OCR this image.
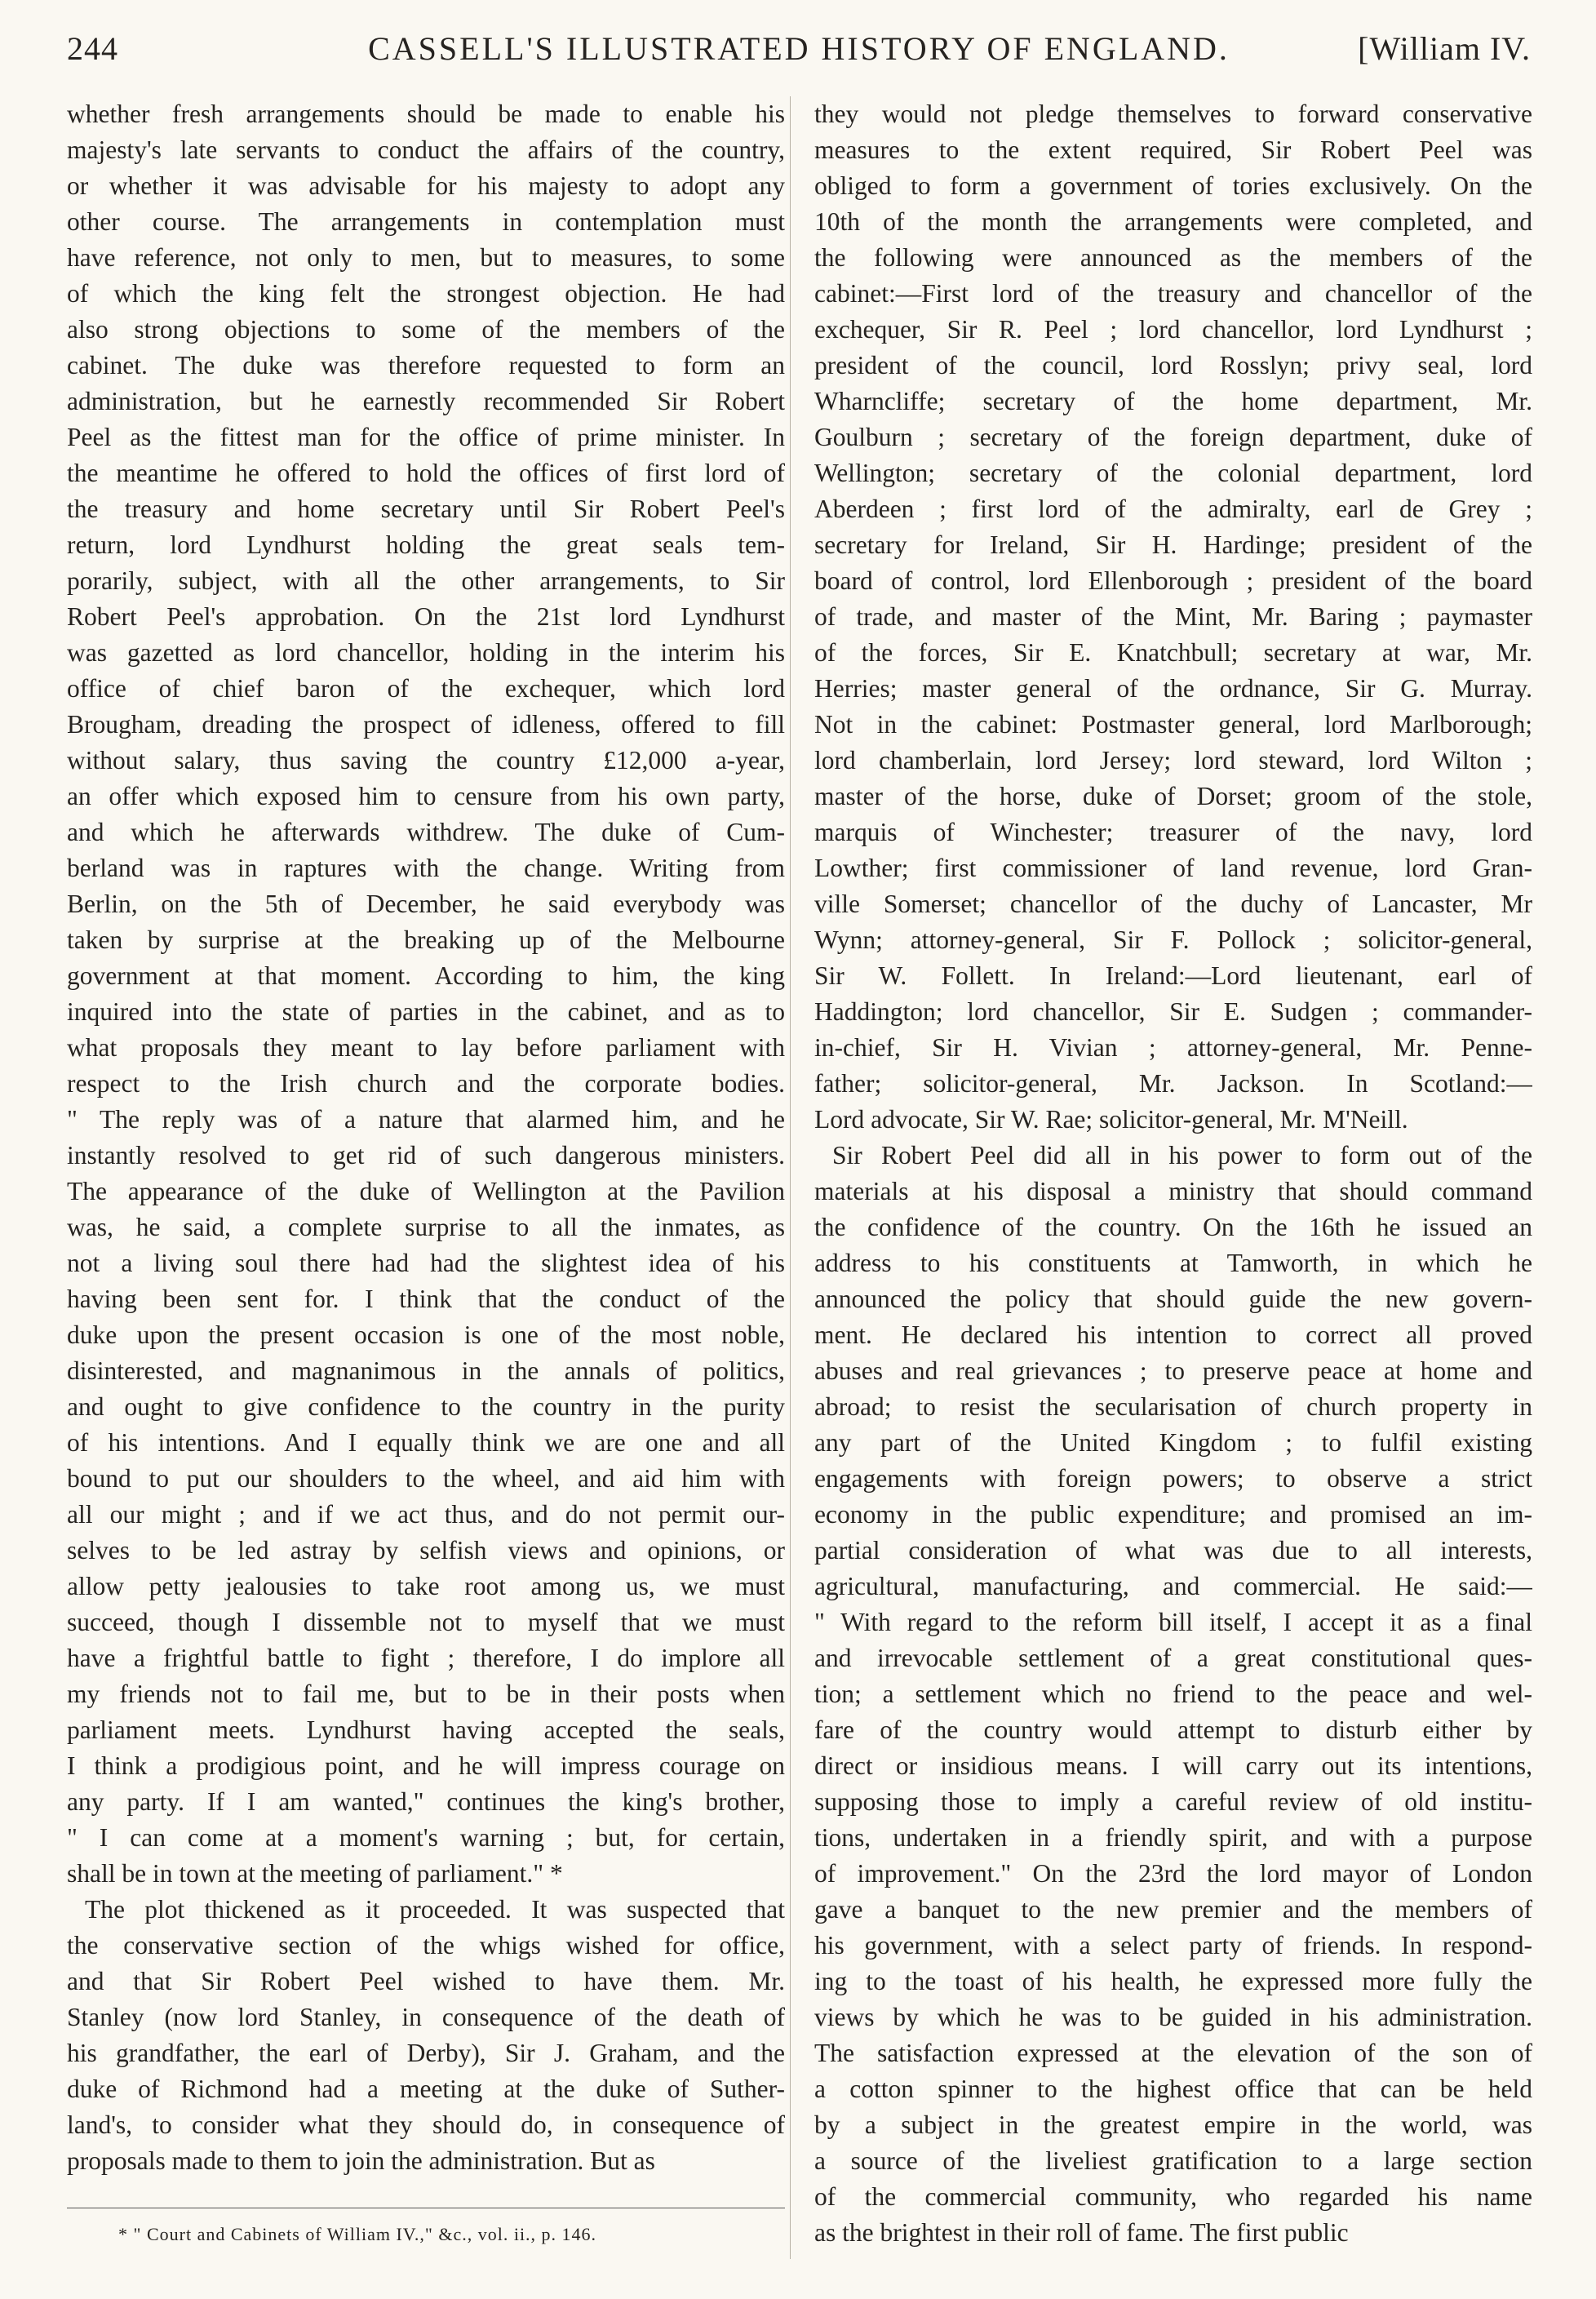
244	CASSELL'S ILLUSTRATED HISTORY OF ENGLAND.	[William IV.
whether fresh arrangements should be made to enable his
majesty's late servants to conduct the affairs of the country,
or whether it was advisable for his majesty to adopt any
other course. The arrangements in contemplation must
have reference, not only to men, but to measures, to some
of which the king felt the strongest objection. He had
also strong objections to some of the members of the
cabinet. The duke was therefore requested to form an
administration, but he earnestly recommended Sir Robert
Peel as the fittest man for the office of prime minister. In
the meantime he offered to hold the offices of first lord of
the treasury and home secretary until Sir Robert Peel's
return, lord Lyndhurst holding the great seals tem-
porarily, subject, with all the other arrangements, to Sir
Robert Peel's approbation. On the 21st lord Lyndhurst
was gazetted as lord chancellor, holding in the interim his
office of chief baron of the exchequer, which lord
Brougham, dreading the prospect of idleness, offered to fill
without salary, thus saving the country £12,000 a-year,
an offer which exposed him to censure from his own party,
and which he afterwards withdrew. The duke of Cum-
berland was in raptures with the change. Writing from
Berlin, on the 5th of December, he said everybody was
taken by surprise at the breaking up of the Melbourne
government at that moment. According to him, the king
inquired into the state of parties in the cabinet, and as to
what proposals they meant to lay before parliament with
respect to the Irish church and the corporate bodies.
" The reply was of a nature that alarmed him, and he
instantly resolved to get rid of such dangerous ministers.
The appearance of the duke of Wellington at the Pavilion
was, he said, a complete surprise to all the inmates, as
not a living soul there had had the slightest idea of his
having been sent for. I think that the conduct of the
duke upon the present occasion is one of the most noble,
disinterested, and magnanimous in the annals of politics,
and ought to give confidence to the country in the purity
of his intentions. And I equally think we are one and all
bound to put our shoulders to the wheel, and aid him with
all our might ; and if we act thus, and do not permit our-
selves to be led astray by selfish views and opinions, or
allow petty jealousies to take root among us, we must
succeed, though I dissemble not to myself that we must
have a frightful battle to fight ; therefore, I do implore all
my friends not to fail me, but to be in their posts when
parliament meets. Lyndhurst having accepted the seals,
I think a prodigious point, and he will impress courage on
any party. If I am wanted," continues the king's brother,
" I can come at a moment's warning ; but, for certain,
shall be in town at the meeting of parliament." *
The plot thickened as it proceeded. It was suspected that
the conservative section of the whigs wished for office,
and that Sir Robert Peel wished to have them. Mr.
Stanley (now lord Stanley, in consequence of the death of
his grandfather, the earl of Derby), Sir J. Graham, and the
duke of Richmond had a meeting at the duke of Suther-
land's, to consider what they should do, in consequence of
proposals made to them to join the administration. But as
they would not pledge themselves to forward conservative
measures to the extent required, Sir Robert Peel was
obliged to form a government of tories exclusively. On the
10th of the month the arrangements were completed, and
the following were announced as the members of the
cabinet:—First lord of the treasury and chancellor of the
exchequer, Sir R. Peel ; lord chancellor, lord Lyndhurst ;
president of the council, lord Rosslyn; privy seal, lord
Wharncliffe; secretary of the home department, Mr.
Goulburn ; secretary of the foreign department, duke of
Wellington; secretary of the colonial department, lord
Aberdeen ; first lord of the admiralty, earl de Grey ;
secretary for Ireland, Sir H. Hardinge; president of the
board of control, lord Ellenborough ; president of the board
of trade, and master of the Mint, Mr. Baring ; paymaster
of the forces, Sir E. Knatchbull; secretary at war, Mr.
Herries; master general of the ordnance, Sir G. Murray.
Not in the cabinet: Postmaster general, lord Marlborough;
lord chamberlain, lord Jersey; lord steward, lord Wilton ;
master of the horse, duke of Dorset; groom of the stole,
marquis of Winchester; treasurer of the navy, lord
Lowther; first commissioner of land revenue, lord Gran-
ville Somerset; chancellor of the duchy of Lancaster, Mr
Wynn; attorney-general, Sir F. Pollock ; solicitor-general,
Sir W. Follett. In Ireland:—Lord lieutenant, earl of
Haddington; lord chancellor, Sir E. Sudgen ; commander-
in-chief, Sir H. Vivian ; attorney-general, Mr. Penne-
father; solicitor-general, Mr. Jackson. In Scotland:—
Lord advocate, Sir W. Rae; solicitor-general, Mr. M'Neill.
Sir Robert Peel did all in his power to form out of the
materials at his disposal a ministry that should command
the confidence of the country. On the 16th he issued an
address to his constituents at Tamworth, in which he
announced the policy that should guide the new govern-
ment. He declared his intention to correct all proved
abuses and real grievances ; to preserve peace at home and
abroad; to resist the secularisation of church property in
any part of the United Kingdom ; to fulfil existing
engagements with foreign powers; to observe a strict
economy in the public expenditure; and promised an im-
partial consideration of what was due to all interests,
agricultural, manufacturing, and commercial. He said:—
" With regard to the reform bill itself, I accept it as a final
and irrevocable settlement of a great constitutional ques-
tion; a settlement which no friend to the peace and wel-
fare of the country would attempt to disturb either by
direct or insidious means. I will carry out its intentions,
supposing those to imply a careful review of old institu-
tions, undertaken in a friendly spirit, and with a purpose
of improvement." On the 23rd the lord mayor of London
gave a banquet to the new premier and the members of
his government, with a select party of friends. In respond-
ing to the toast of his health, he expressed more fully the
views by which he was to be guided in his administration.
The satisfaction expressed at the elevation of the son of
a cotton spinner to the highest office that can be held
by a subject in the greatest empire in the world, was
a source of the liveliest gratification to a large section
of the commercial community, who regarded his name
as the brightest in their roll of fame. The first public
* " Court and Cabinets of William IV.," &c., vol. ii., p. 146.
